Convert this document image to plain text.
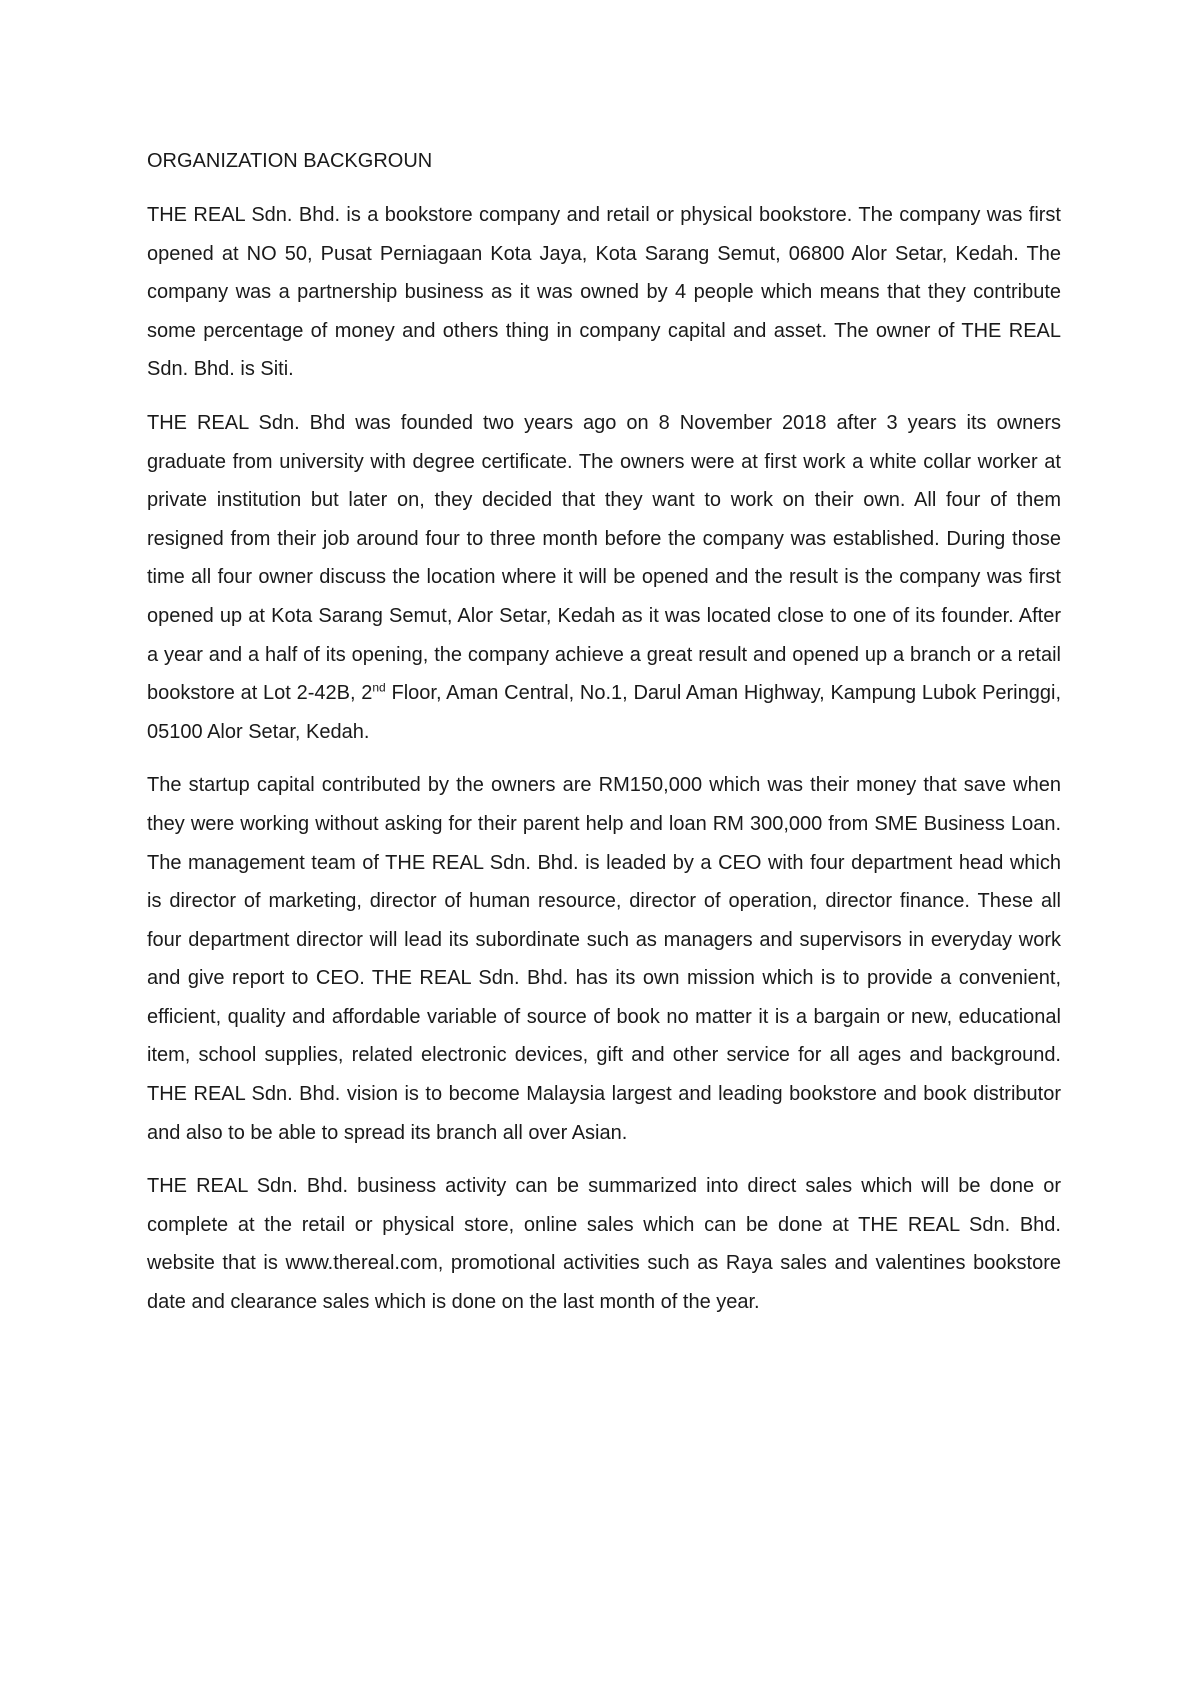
ORGANIZATION BACKGROUN

THE REAL Sdn. Bhd. is a bookstore company and retail or physical bookstore. The company was first opened at NO 50, Pusat Perniagaan Kota Jaya, Kota Sarang Semut, 06800 Alor Setar, Kedah. The company was a partnership business as it was owned by 4 people which means that they contribute some percentage of money and others thing in company capital and asset. The owner of THE REAL Sdn. Bhd. is Siti.

THE REAL Sdn. Bhd was founded two years ago on 8 November 2018 after 3 years its owners graduate from university with degree certificate. The owners were at first work a white collar worker at private institution but later on, they decided that they want to work on their own. All four of them resigned from their job around four to three month before the company was established. During those time all four owner discuss the location where it will be opened and the result is the company was first opened up at Kota Sarang Semut, Alor Setar, Kedah as it was located close to one of its founder. After a year and a half of its opening, the company achieve a great result and opened up a branch or a retail bookstore at Lot 2-42B, 2nd Floor, Aman Central, No.1, Darul Aman Highway, Kampung Lubok Peringgi, 05100 Alor Setar, Kedah.

The startup capital contributed by the owners are RM150,000 which was their money that save when they were working without asking for their parent help and loan RM 300,000 from SME Business Loan. The management team of THE REAL Sdn. Bhd. is leaded by a CEO with four department head which is director of marketing, director of human resource, director of operation, director finance. These all four department director will lead its subordinate such as managers and supervisors in everyday work and give report to CEO. THE REAL Sdn. Bhd. has its own mission which is to provide a convenient, efficient, quality and affordable variable of source of book no matter it is a bargain or new, educational item, school supplies, related electronic devices, gift and other service for all ages and background. THE REAL Sdn. Bhd. vision is to become Malaysia largest and leading bookstore and book distributor and also to be able to spread its branch all over Asian.

THE REAL Sdn. Bhd. business activity can be summarized into direct sales which will be done or complete at the retail or physical store, online sales which can be done at THE REAL Sdn. Bhd. website that is www.thereal.com, promotional activities such as Raya sales and valentines bookstore date and clearance sales which is done on the last month of the year.
